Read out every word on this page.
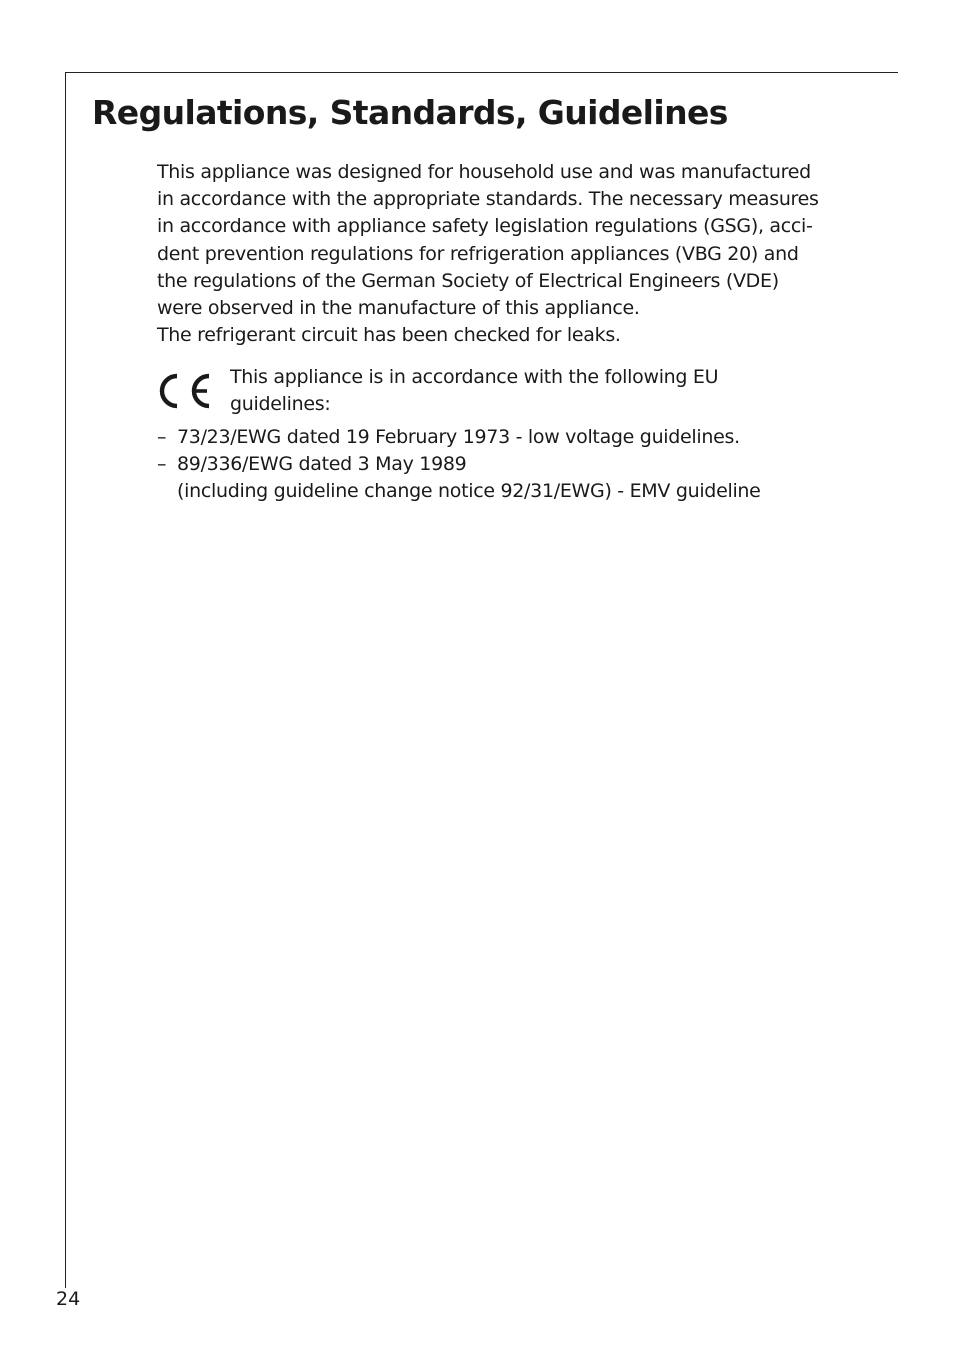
Regulations, Standards, Guidelines
This appliance was designed for household use and was manufactured
in accordance with the appropriate standards. The necessary measures
in accordance with appliance safety legislation regulations (GSG), acci-
dent prevention regulations for refrigeration appliances (VBG 20) and
the regulations of the German Society of Electrical Engineers (VDE)
were observed in the manufacture of this appliance.
The refrigerant circuit has been checked for leaks.
This appliance is in accordance with the following EU
guidelines:
– 73/23/EWG dated 19 February 1973 - low voltage guidelines.
– 89/336/EWG dated 3 May 1989
(including guideline change notice 92/31/EWG) - EMV guideline
24
